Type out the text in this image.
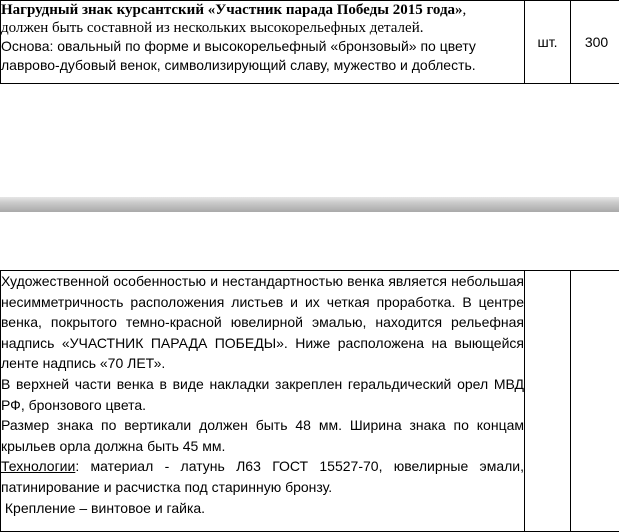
Нагрудный знак курсантский «Участник парада Победы 2015 года»,
должен быть составной из нескольких высокорельефных деталей.
Основа: овальный по форме и высокорельефный «бронзовый» по цвету
лаврово-дубовый венок, символизирующий славу, мужество и доблесть.
	шт.	300

Художественной особенностью и нестандартностью венка является небольшая несимметричность расположения листьев и их четкая проработка. В центре венка, покрытого темно-красной ювелирной эмалью, находится рельефная надпись «УЧАСТНИК ПАРАДА ПОБЕДЫ». Ниже расположена на выющейся ленте надпись «70 ЛЕТ».

В верхней части венка в виде накладки закреплен геральдический орел МВД РФ, бронзового цвета.

Размер знака по вертикали должен быть 48 мм. Ширина знака по концам крыльев орла должна быть 45 мм.

Технологии: материал - латунь Л63 ГОСТ 15527-70, ювелирные эмали, патинирование и расчистка под старинную бронзу.

Крепление – винтовое и гайка.
